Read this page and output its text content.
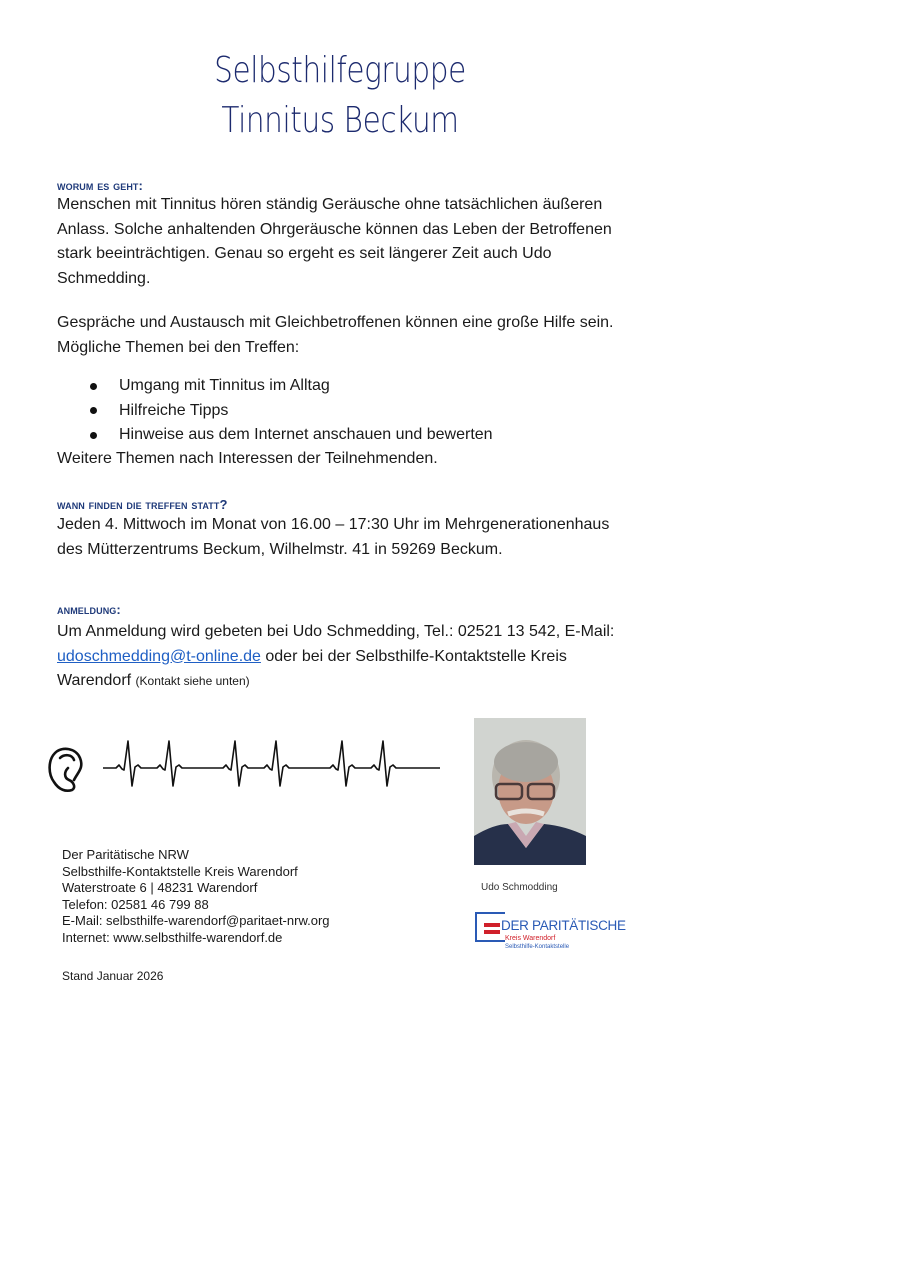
Selbsthilfegruppe
Tinnitus Beckum
worum es geht:
Menschen mit Tinnitus hören ständig Geräusche ohne tatsächlichen äußeren
Anlass. Solche anhaltenden Ohrgeräusche können das Leben der Betroffenen
stark beeinträchtigen. Genau so ergeht es seit längerer Zeit auch Udo
Schmedding.
Gespräche und Austausch mit Gleichbetroffenen können eine große Hilfe sein.
Mögliche Themen bei den Treffen:
Umgang mit Tinnitus im Alltag
Hilfreiche Tipps
Hinweise aus dem Internet anschauen und bewerten
Weitere Themen nach Interessen der Teilnehmenden.
wann finden die treffen statt?
Jeden 4. Mittwoch im Monat von 16.00 – 17:30 Uhr im Mehrgenerationenhaus
des Mütterzentrums Beckum, Wilhelmstr. 41 in 59269 Beckum.
anmeldung:
Um Anmeldung wird gebeten bei Udo Schmedding, Tel.: 02521 13 542, E-Mail:
udoschmedding@t-online.de oder bei der Selbsthilfe-Kontaktstelle Kreis
Warendorf (Kontakt siehe unten)
Der Paritätische NRW
Selbsthilfe-Kontaktstelle Kreis Warendorf
Waterstroate 6 | 48231 Warendorf
Telefon: 02581 46 799 88
E-Mail: selbsthilfe-warendorf@paritaet-nrw.org
Internet: www.selbsthilfe-warendorf.de
Stand Januar 2026
Udo Schmodding
DER PARITÄTISCHE
Kreis Warendorf
Selbsthilfe-Kontaktstelle
